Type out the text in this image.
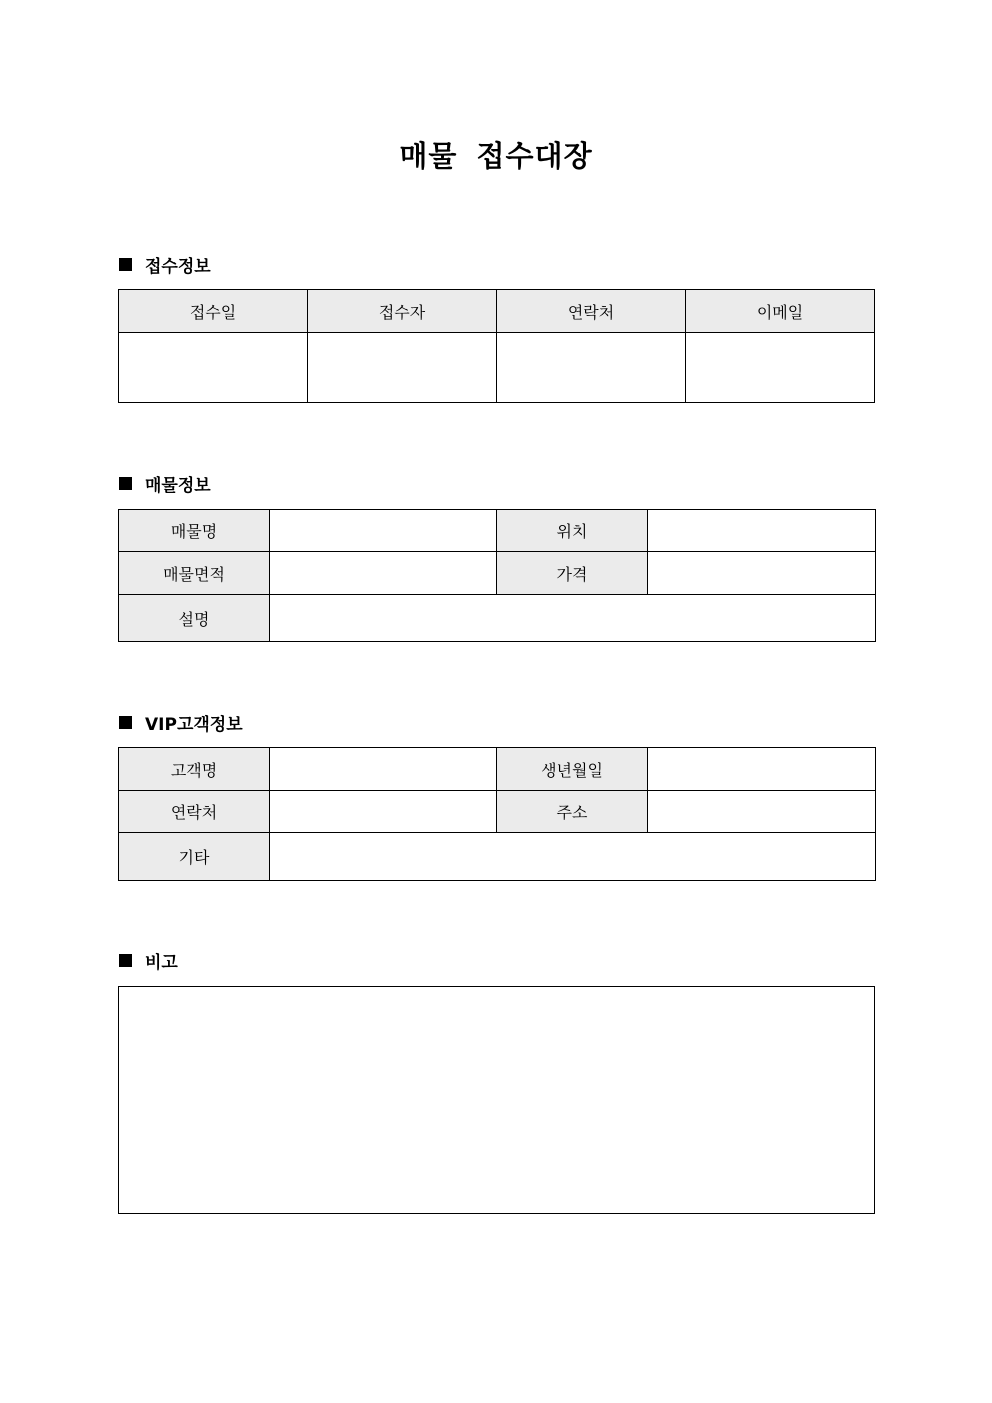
매물 접수대장
접수정보
접수일	접수자	연락처	이메일

매물정보
매물명		위치	
매물면적		가격	
설명			
VIP고객정보
고객명		생년월일	
연락처		주소	
기타			
비고
